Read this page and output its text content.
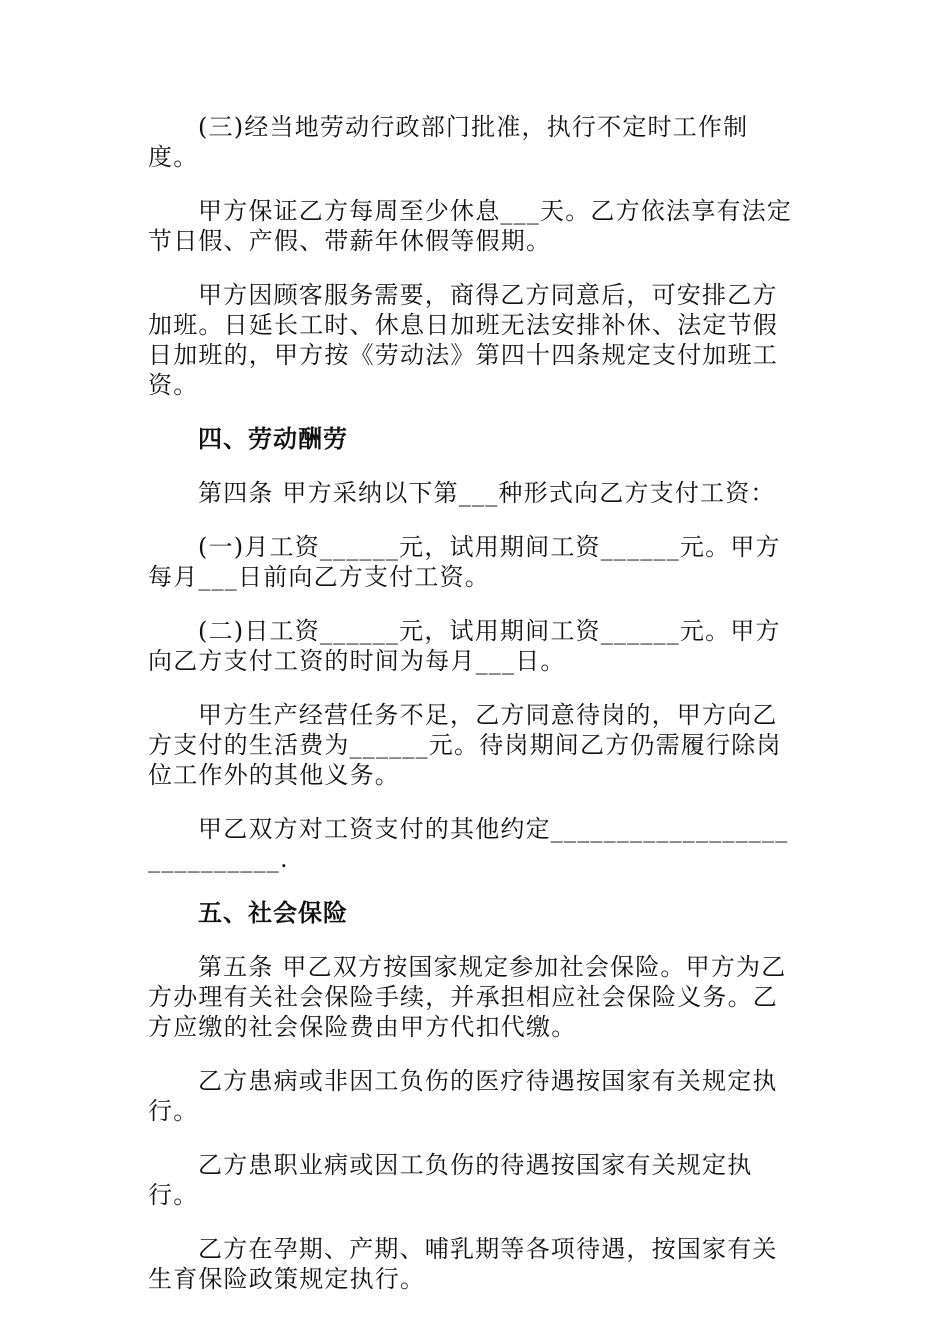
(三)经当地劳动行政部门批准，执行不定时工作制度。

甲方保证乙方每周至少休息___天。乙方依法享有法定节日假、产假、带薪年休假等假期。

甲方因顾客服务需要，商得乙方同意后，可安排乙方加班。日延长工时、休息日加班无法安排补休、法定节假日加班的，甲方按《劳动法》第四十四条规定支付加班工资。

四、劳动酬劳

第四条 甲方采纳以下第___种形式向乙方支付工资：

(一)月工资______元，试用期间工资______元。甲方每月___日前向乙方支付工资。

(二)日工资______元，试用期间工资______元。甲方向乙方支付工资的时间为每月___日。

甲方生产经营任务不足，乙方同意待岗的，甲方向乙方支付的生活费为______元。待岗期间乙方仍需履行除岗位工作外的其他义务。

甲乙双方对工资支付的其他约定____________________________.

五、社会保险

第五条 甲乙双方按国家规定参加社会保险。甲方为乙方办理有关社会保险手续，并承担相应社会保险义务。乙方应缴的社会保险费由甲方代扣代缴。

乙方患病或非因工负伤的医疗待遇按国家有关规定执行。

乙方患职业病或因工负伤的待遇按国家有关规定执行。

乙方在孕期、产期、哺乳期等各项待遇，按国家有关生育保险政策规定执行。
